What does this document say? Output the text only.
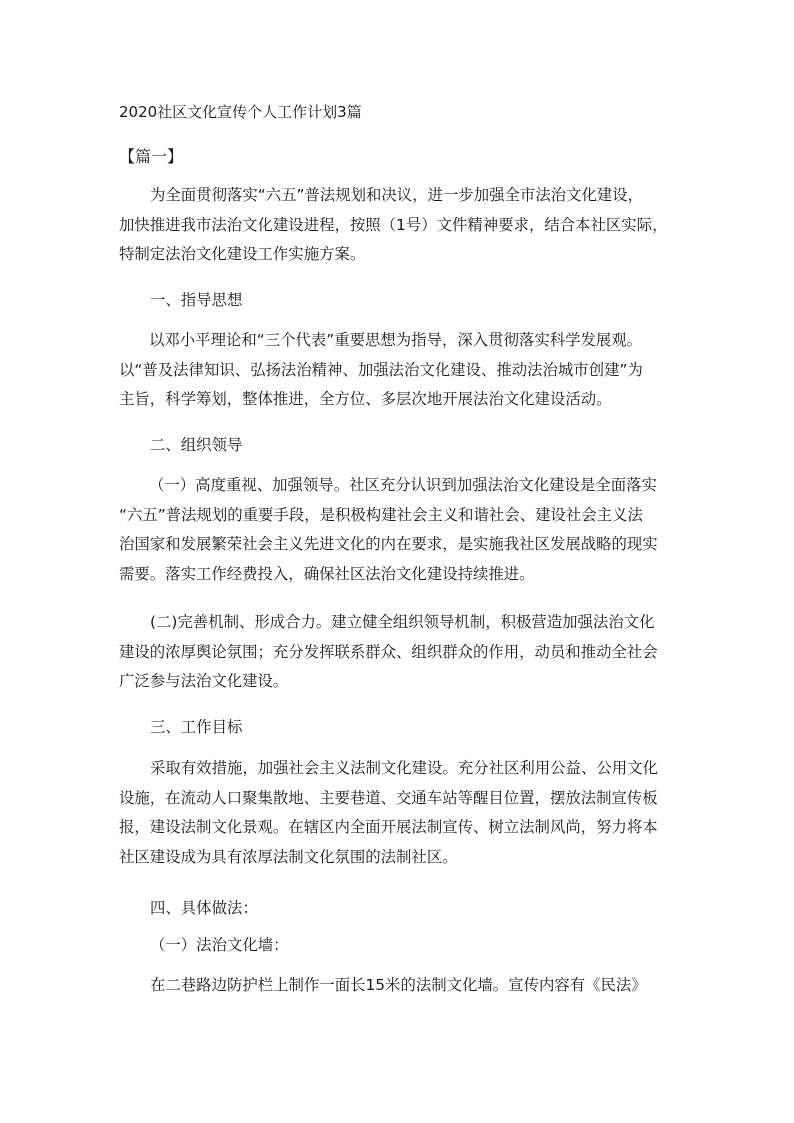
2020社区文化宣传个人工作计划3篇
【篇一】
为全面贯彻落实“六五”普法规划和决议，进一步加强全市法治文化建设，
加快推进我市法治文化建设进程，按照（1号）文件精神要求，结合本社区实际，
特制定法治文化建设工作实施方案。
一、指导思想
以邓小平理论和“三个代表”重要思想为指导，深入贯彻落实科学发展观。
以“普及法律知识、弘扬法治精神、加强法治文化建设、推动法治城市创建”为
主旨，科学筹划，整体推进，全方位、多层次地开展法治文化建设活动。
二、组织领导
（一）高度重视、加强领导。社区充分认识到加强法治文化建设是全面落实
“六五”普法规划的重要手段，是积极构建社会主义和谐社会、建设社会主义法
治国家和发展繁荣社会主义先进文化的内在要求，是实施我社区发展战略的现实
需要。落实工作经费投入，确保社区法治文化建设持续推进。
(二)完善机制、形成合力。建立健全组织领导机制，积极营造加强法治文化
建设的浓厚舆论氛围；充分发挥联系群众、组织群众的作用，动员和推动全社会
广泛参与法治文化建设。
三、工作目标
采取有效措施，加强社会主义法制文化建设。充分社区利用公益、公用文化
设施，在流动人口聚集散地、主要巷道、交通车站等醒目位置，摆放法制宣传板
报，建设法制文化景观。在辖区内全面开展法制宣传、树立法制风尚，努力将本
社区建设成为具有浓厚法制文化氛围的法制社区。
四、具体做法：
（一）法治文化墙：
在二巷路边防护栏上制作一面长15米的法制文化墙。宣传内容有《民法》
